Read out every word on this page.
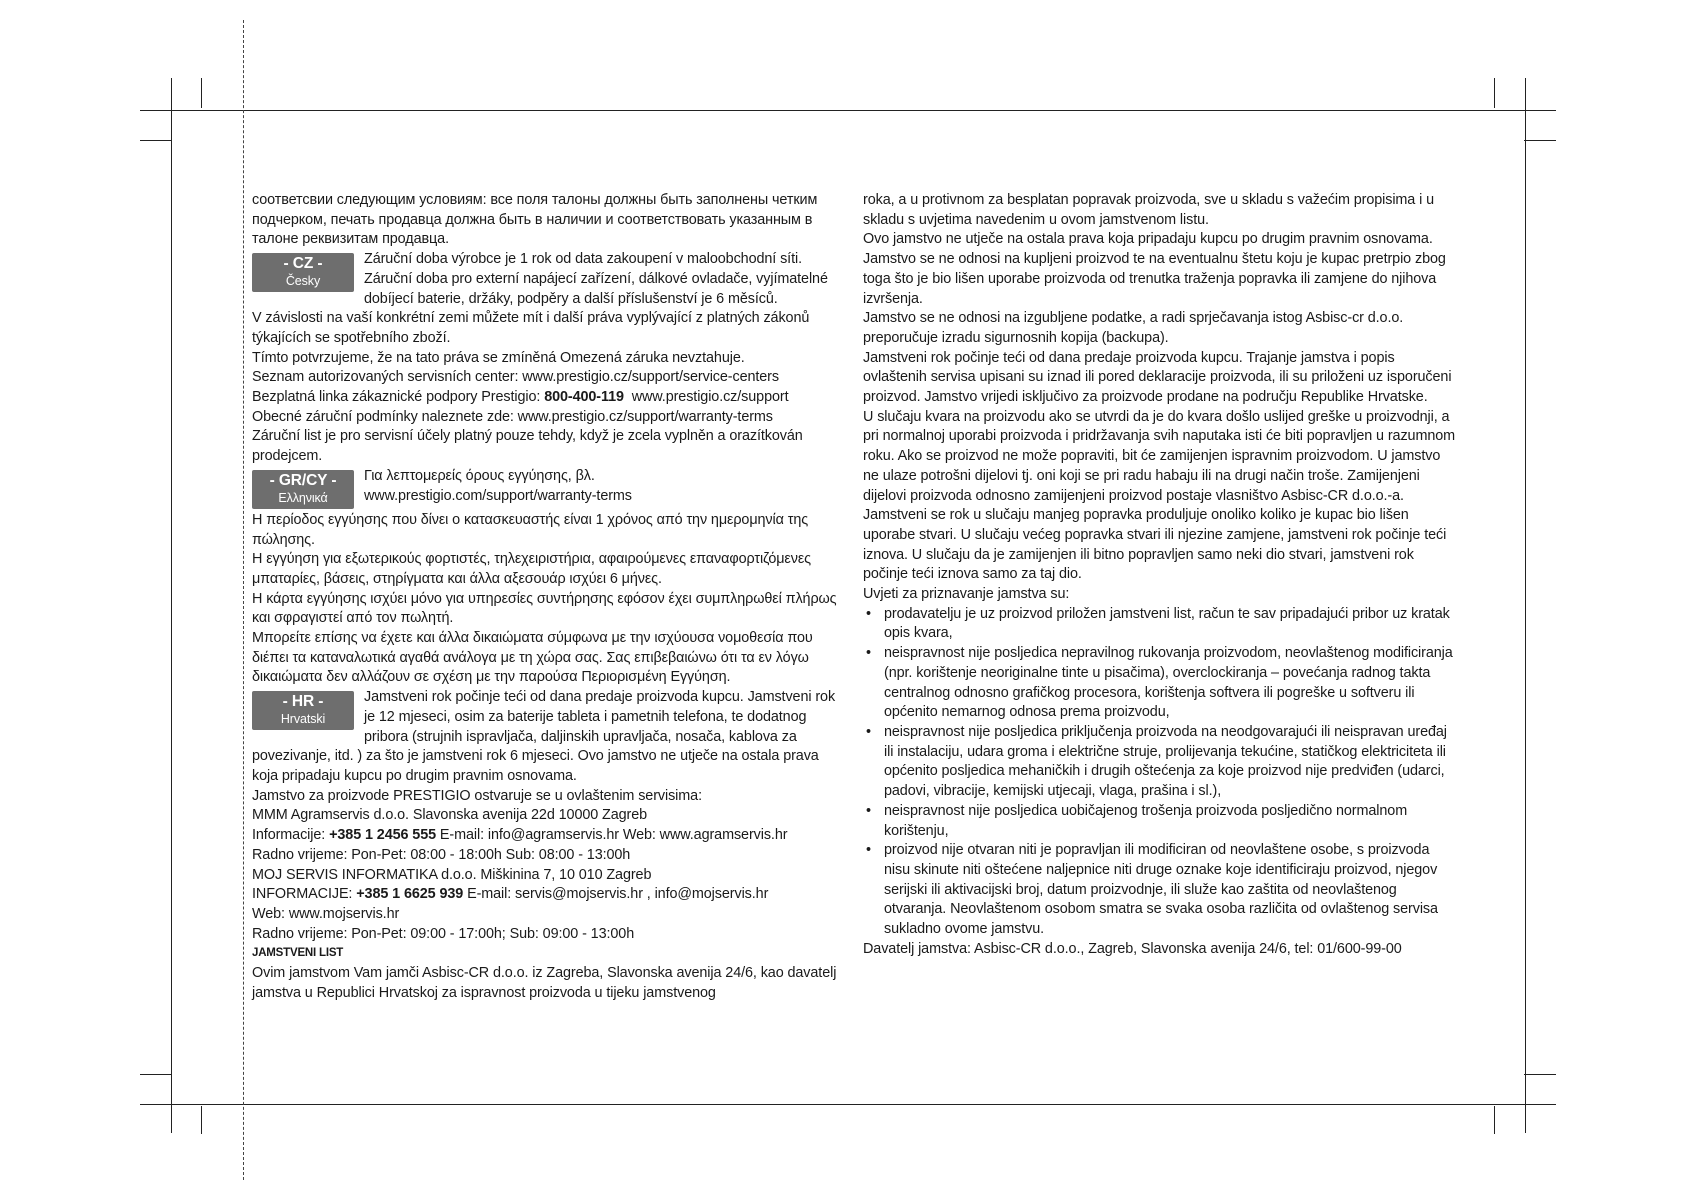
соответсвии следующим условиям: все поля талоны должны быть заполнены четким подчерком, печать продавца должна быть в наличии и соответствовать указанным в талоне реквизитам продавца.

- CZ -
Česky

Záruční doba výrobce je 1 rok od data zakoupení v maloobchodní síti. Záruční doba pro externí napájecí zařízení, dálkové ovladače, vyjímatelné dobíjecí baterie, držáky, podpěry a další příslušenství je 6 měsíců.

V závislosti na vaší konkrétní zemi můžete mít i další práva vyplývající z platných zákonů týkajících se spotřebního zboží.

Tímto potvrzujeme, že na tato práva se zmíněná Omezená záruka nevztahuje.

Seznam autorizovaných servisních center: www.prestigio.cz/support/service-centers

Bezplatná linka zákaznické podpory Prestigio: 800-400-119  www.prestigio.cz/support

Obecné záruční podmínky naleznete zde: www.prestigio.cz/support/warranty-terms

Záruční list je pro servisní účely platný pouze tehdy, když je zcela vyplněn a orazítkován prodejcem.

- GR/CY -
Ελληνικά

Για λεπτομερείς όρους εγγύησης, βλ.

www.prestigio.com/support/warranty-terms

Η περίοδος εγγύησης που δίνει ο κατασκευαστής είναι 1 χρόνος από την ημερομηνία της πώλησης.

Η εγγύηση για εξωτερικούς φορτιστές, τηλεχειριστήρια, αφαιρούμενες επαναφορτιζόμενες μπαταρίες, βάσεις, στηρίγματα και άλλα αξεσουάρ ισχύει 6 μήνες.

Η κάρτα εγγύησης ισχύει μόνο για υπηρεσίες συντήρησης εφόσον έχει συμπληρωθεί πλήρως και σφραγιστεί από τον πωλητή.

Μπορείτε επίσης να έχετε και άλλα δικαιώματα σύμφωνα με την ισχύουσα νομοθεσία που διέπει τα καταναλωτικά αγαθά ανάλογα με τη χώρα σας. Σας επιβεβαιώνω ότι τα εν λόγω δικαιώματα δεν αλλάζουν σε σχέση με την παρούσα Περιορισμένη Εγγύηση.

- HR -
Hrvatski

Jamstveni rok počinje teći od dana predaje proizvoda kupcu. Jamstveni rok je 12 mjeseci, osim za baterije tableta i pametnih telefona, te dodatnog pribora (strujnih ispravljača, daljinskih upravljača, nosača, kablova za povezivanje, itd. ) za što je jamstveni rok 6 mjeseci. Ovo jamstvo ne utječe na ostala prava koja pripadaju kupcu po drugim pravnim osnovama.

Jamstvo za proizvode PRESTIGIO ostvaruje se u ovlaštenim servisima:

MMM Agramservis d.o.o. Slavonska avenija 22d 10000 Zagreb

Informacije: +385 1 2456 555 E-mail: info@agramservis.hr Web: www.agramservis.hr

Radno vrijeme: Pon-Pet: 08:00 - 18:00h Sub: 08:00 - 13:00h

MOJ SERVIS INFORMATIKA d.o.o. Miškinina 7, 10 010 Zagreb

INFORMACIJE: +385 1 6625 939 E-mail: servis@mojservis.hr , info@mojservis.hr

Web: www.mojservis.hr

Radno vrijeme: Pon-Pet: 09:00 - 17:00h; Sub: 09:00 - 13:00h

JAMSTVENI LIST

Ovim jamstvom Vam jamči Asbisc-CR d.o.o. iz Zagreba, Slavonska avenija 24/6, kao davatelj jamstva u Republici Hrvatskoj za ispravnost proizvoda u tijeku jamstvenog

roka, a u protivnom za besplatan popravak proizvoda, sve u skladu s važećim propisima i u skladu s uvjetima navedenim u ovom jamstvenom listu.

Ovo jamstvo ne utječe na ostala prava koja pripadaju kupcu po drugim pravnim osnovama.

Jamstvo se ne odnosi na kupljeni proizvod te na eventualnu štetu koju je kupac pretrpio zbog toga što je bio lišen uporabe proizvoda od trenutka traženja popravka ili zamjene do njihova izvršenja.

Jamstvo se ne odnosi na izgubljene podatke, a radi sprječavanja istog Asbisc-cr d.o.o. preporučuje izradu sigurnosnih kopija (backupa).

Jamstveni rok počinje teći od dana predaje proizvoda kupcu. Trajanje jamstva i popis ovlaštenih servisa upisani su iznad ili pored deklaracije proizvoda, ili su priloženi uz isporučeni proizvod. Jamstvo vrijedi isključivo za proizvode prodane na području Republike Hrvatske.

U slučaju kvara na proizvodu ako se utvrdi da je do kvara došlo uslijed greške u proizvodnji, a pri normalnoj uporabi proizvoda i pridržavanja svih naputaka isti će biti popravljen u razumnom roku. Ako se proizvod ne može popraviti, bit će zamijenjen ispravnim proizvodom. U jamstvo ne ulaze potrošni dijelovi tj. oni koji se pri radu habaju ili na drugi način troše. Zamijenjeni dijelovi proizvoda odnosno zamijenjeni proizvod postaje vlasništvo Asbisc-CR d.o.o.-a.

Jamstveni se rok u slučaju manjeg popravka produljuje onoliko koliko je kupac bio lišen uporabe stvari. U slučaju većeg popravka stvari ili njezine zamjene, jamstveni rok počinje teći iznova. U slučaju da je zamijenjen ili bitno popravljen samo neki dio stvari, jamstveni rok počinje teći iznova samo za taj dio.

Uvjeti za priznavanje jamstva su:

• prodavatelju je uz proizvod priložen jamstveni list, račun te sav pripadajući pribor uz kratak opis kvara,
• neispravnost nije posljedica nepravilnog rukovanja proizvodom, neovlaštenog modificiranja (npr. korištenje neoriginalne tinte u pisačima), overclockiranja – povećanja radnog takta centralnog odnosno grafičkog procesora, korištenja softvera ili pogreške u softveru ili općenito nemarnog odnosa prema proizvodu,
• neispravnost nije posljedica priključenja proizvoda na neodgovarajući ili neispravan uređaj ili instalaciju, udara groma i električne struje, prolijevanja tekućine, statičkog elektriciteta ili općenito posljedica mehaničkih i drugih oštećenja za koje proizvod nije predviđen (udarci, padovi, vibracije, kemijski utjecaji, vlaga, prašina i sl.),
• neispravnost nije posljedica uobičajenog trošenja proizvoda posljedično normalnom korištenju,
• proizvod nije otvaran niti je popravljan ili modificiran od neovlaštene osobe, s proizvoda nisu skinute niti oštećene naljepnice niti druge oznake koje identificiraju proizvod, njegov serijski ili aktivacijski broj, datum proizvodnje, ili služe kao zaštita od neovlaštenog otvaranja. Neovlaštenom osobom smatra se svaka osoba različita od ovlaštenog servisa sukladno ovome jamstvu.

Davatelj jamstva: Asbisc-CR d.o.o., Zagreb, Slavonska avenija 24/6, tel: 01/600-99-00
